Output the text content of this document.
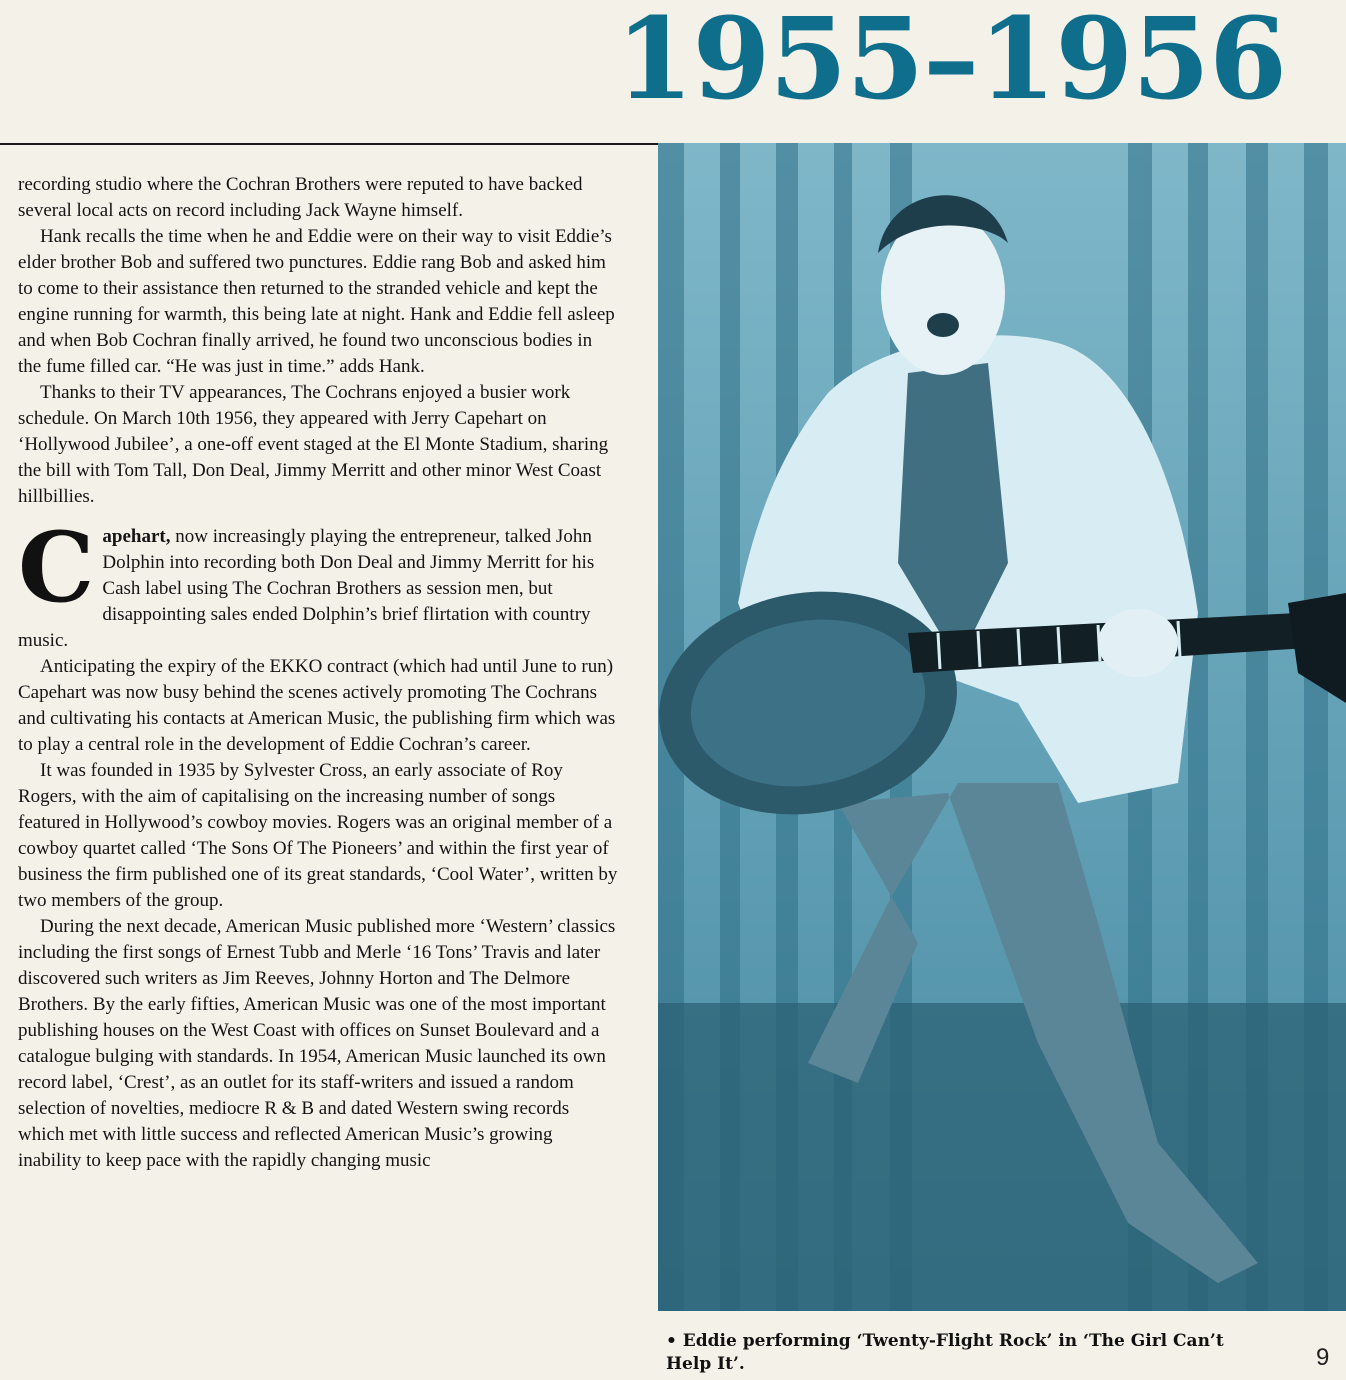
1955–1956

recording studio where the Cochran Brothers were reputed to have backed several local acts on record including Jack Wayne himself.

Hank recalls the time when he and Eddie were on their way to visit Eddie’s elder brother Bob and suffered two punctures. Eddie rang Bob and asked him to come to their assistance then returned to the stranded vehicle and kept the engine running for warmth, this being late at night. Hank and Eddie fell asleep and when Bob Cochran finally arrived, he found two unconscious bodies in the fume filled car. “He was just in time.” adds Hank.

Thanks to their TV appearances, The Cochrans enjoyed a busier work schedule. On March 10th 1956, they appeared with Jerry Capehart on ‘Hollywood Jubilee’, a one-off event staged at the El Monte Stadium, sharing the bill with Tom Tall, Don Deal, Jimmy Merritt and other minor West Coast hillbillies.

Capehart, now increasingly playing the entrepreneur, talked John Dolphin into recording both Don Deal and Jimmy Merritt for his Cash label using The Cochran Brothers as session men, but disappointing sales ended Dolphin’s brief flirtation with country music.

Anticipating the expiry of the EKKO contract (which had until June to run) Capehart was now busy behind the scenes actively promoting The Cochrans and cultivating his contacts at American Music, the publishing firm which was to play a central role in the development of Eddie Cochran’s career.

It was founded in 1935 by Sylvester Cross, an early associate of Roy Rogers, with the aim of capitalising on the increasing number of songs featured in Hollywood’s cowboy movies. Rogers was an original member of a cowboy quartet called ‘The Sons Of The Pioneers’ and within the first year of business the firm published one of its great standards, ‘Cool Water’, written by two members of the group.

During the next decade, American Music published more ‘Western’ classics including the first songs of Ernest Tubb and Merle ‘16 Tons’ Travis and later discovered such writers as Jim Reeves, Johnny Horton and The Delmore Brothers. By the early fifties, American Music was one of the most important publishing houses on the West Coast with offices on Sunset Boulevard and a catalogue bulging with standards. In 1954, American Music launched its own record label, ‘Crest’, as an outlet for its staff-writers and issued a random selection of novelties, mediocre R & B and dated Western swing records which met with little success and reflected American Music’s growing inability to keep pace with the rapidly changing music

• Eddie performing ‘Twenty-Flight Rock’ in ‘The Girl Can’t Help It’.	9
